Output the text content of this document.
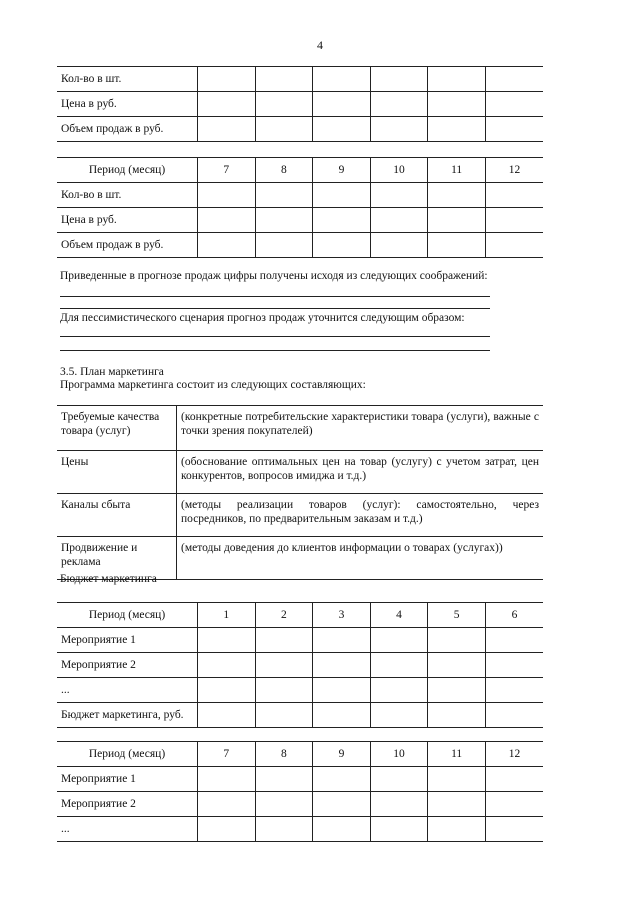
4
Кол-во в шт.						
Цена в руб.						
Объем продаж в руб.						
Период (месяц)	7	8	9	10	11	12
Кол-во в шт.						
Цена в руб.						
Объем продаж в руб.						
Приведенные в прогнозе продаж цифры получены исходя из следующих соображений:
Для пессимистического сценария прогноз продаж уточнится следующим образом:
3.5. План маркетинга
Программа маркетинга состоит из следующих составляющих:
Требуемые качества товара (услуг)	(конкретные потребительские характеристики товара (услуги), важные с точки зрения покупателей)
Цены	(обоснование оптимальных цен на товар (услугу) с учетом затрат, цен конкурентов, вопросов имиджа и т.д.)
Каналы сбыта	(методы реализации товаров (услуг): самостоятельно, через посредников, по предварительным заказам и т.д.)
Продвижение и реклама	(методы доведения до клиентов информации о товарах (услугах))
Бюджет маркетинга
Период (месяц)	1	2	3	4	5	6
Мероприятие 1						
Мероприятие 2						
...						
Бюджет маркетинга, руб.						
Период (месяц)	7	8	9	10	11	12
Мероприятие 1						
Мероприятие 2						
...						
